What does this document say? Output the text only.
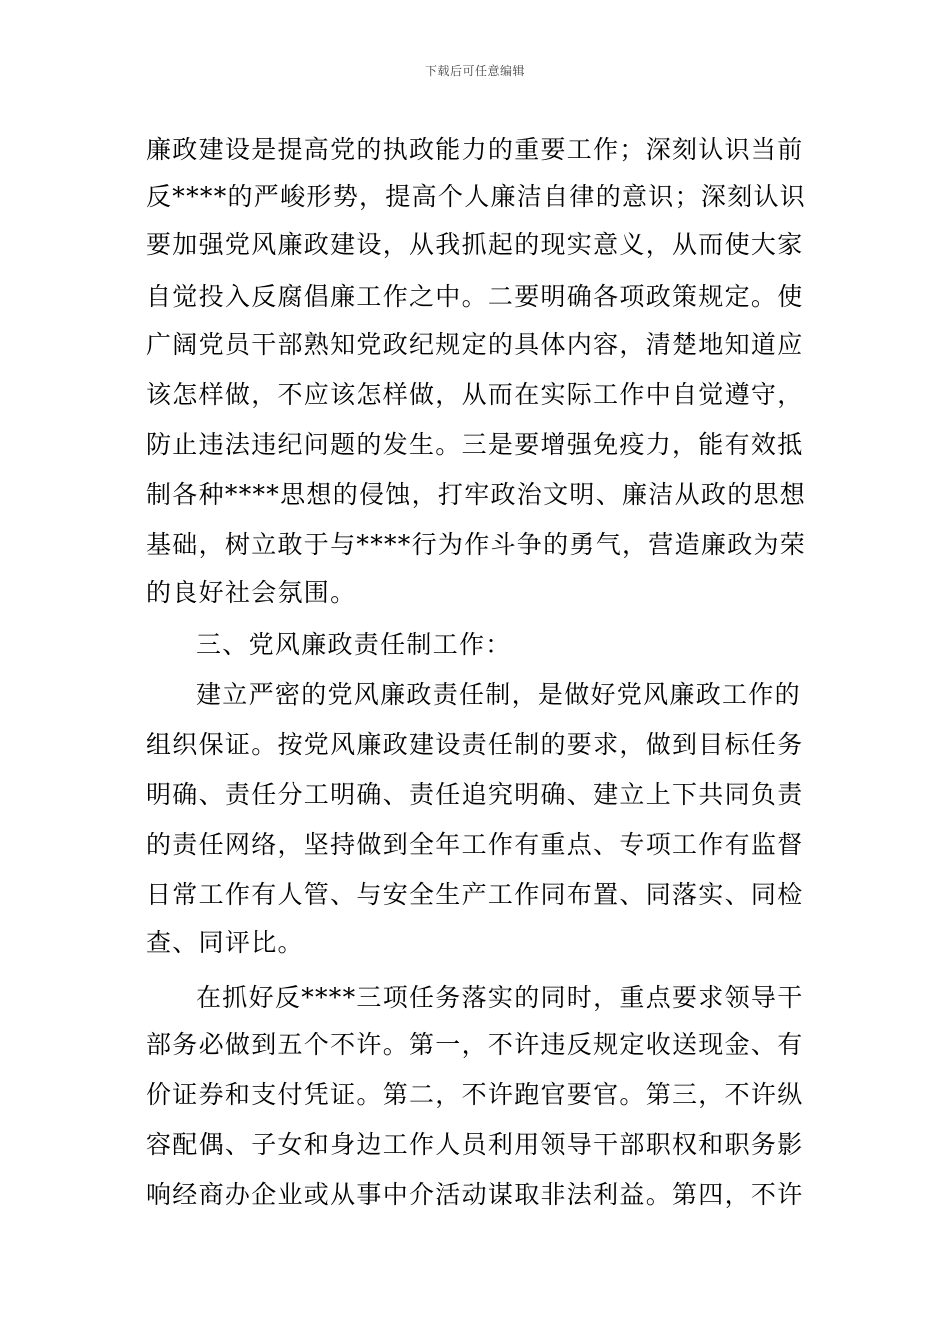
下载后可任意编辑
廉政建设是提高党的执政能力的重要工作；深刻认识当前
反****的严峻形势，提高个人廉洁自律的意识；深刻认识
要加强党风廉政建设，从我抓起的现实意义，从而使大家
自觉投入反腐倡廉工作之中。二要明确各项政策规定。使
广阔党员干部熟知党政纪规定的具体内容，清楚地知道应
该怎样做，不应该怎样做，从而在实际工作中自觉遵守，
防止违法违纪问题的发生。三是要增强免疫力，能有效抵
制各种****思想的侵蚀，打牢政治文明、廉洁从政的思想
基础，树立敢于与****行为作斗争的勇气，营造廉政为荣
的良好社会氛围。
三、党风廉政责任制工作：
建立严密的党风廉政责任制，是做好党风廉政工作的
组织保证。按党风廉政建设责任制的要求，做到目标任务
明确、责任分工明确、责任追究明确、建立上下共同负责
的责任网络，坚持做到全年工作有重点、专项工作有监督
日常工作有人管、与安全生产工作同布置、同落实、同检
查、同评比。
在抓好反****三项任务落实的同时，重点要求领导干
部务必做到五个不许。第一，不许违反规定收送现金、有
价证券和支付凭证。第二，不许跑官要官。第三，不许纵
容配偶、子女和身边工作人员利用领导干部职权和职务影
响经商办企业或从事中介活动谋取非法利益。第四，不许
